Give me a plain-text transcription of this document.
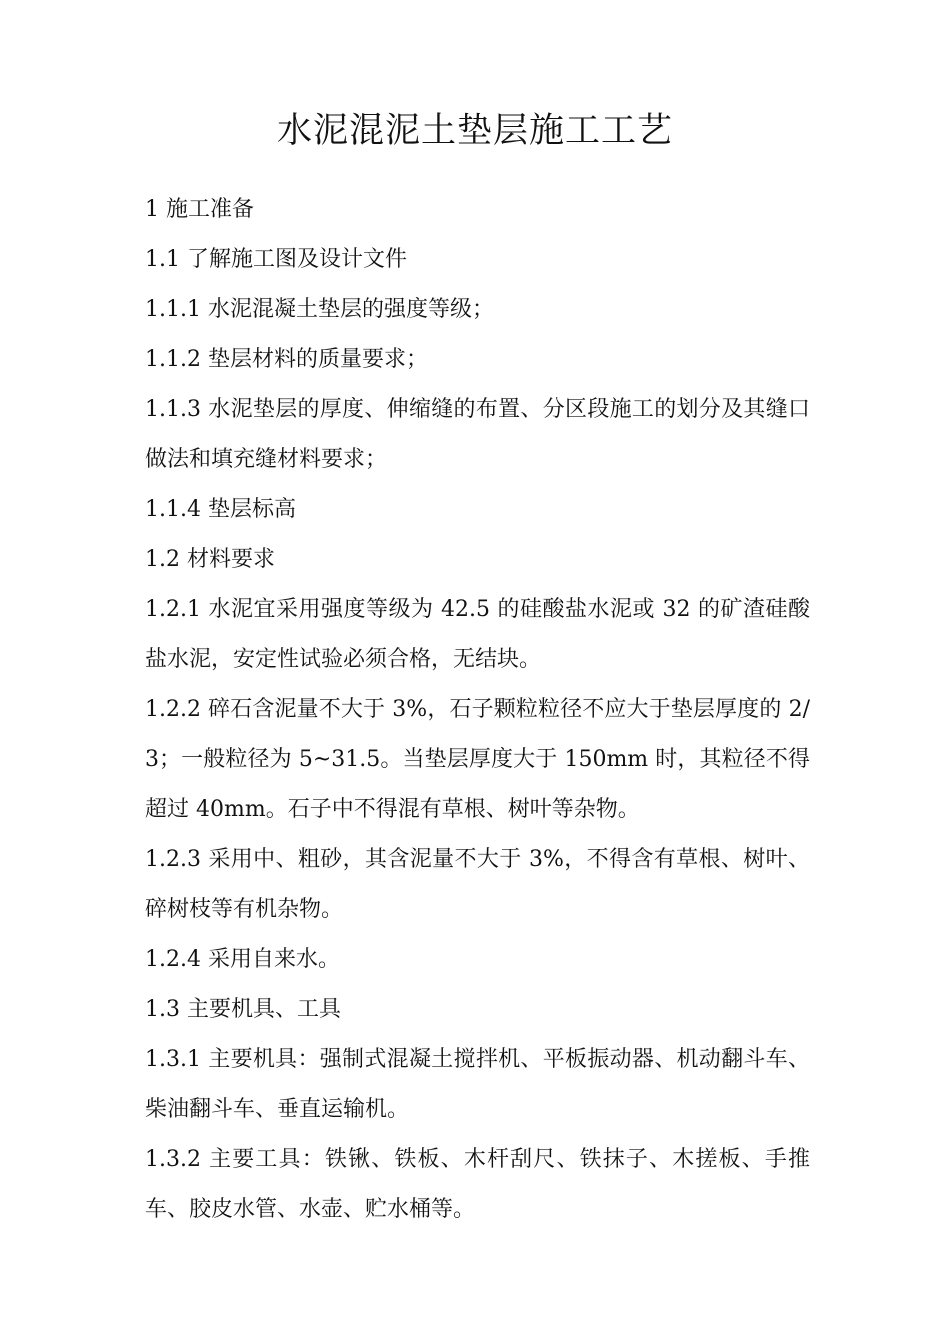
水泥混泥土垫层施工工艺

1 施工准备

1.1 了解施工图及设计文件

1.1.1 水泥混凝土垫层的强度等级；

1.1.2 垫层材料的质量要求；

1.1.3 水泥垫层的厚度、伸缩缝的布置、分区段施工的划分及其缝口做法和填充缝材料要求；

1.1.4 垫层标高

1.2 材料要求

1.2.1 水泥宜采用强度等级为 42.5 的硅酸盐水泥或 32 的矿渣硅酸盐水泥，安定性试验必须合格，无结块。

1.2.2 碎石含泥量不大于 3%，石子颗粒粒径不应大于垫层厚度的 2/3；一般粒径为 5~31.5。当垫层厚度大于 150mm 时，其粒径不得超过 40mm。石子中不得混有草根、树叶等杂物。

1.2.3 采用中、粗砂，其含泥量不大于 3%，不得含有草根、树叶、碎树枝等有机杂物。

1.2.4 采用自来水。

1.3 主要机具、工具

1.3.1 主要机具：强制式混凝土搅拌机、平板振动器、机动翻斗车、柴油翻斗车、垂直运输机。

1.3.2 主要工具：铁锹、铁板、木杆刮尺、铁抹子、木搓板、手推车、胶皮水管、水壶、贮水桶等。
